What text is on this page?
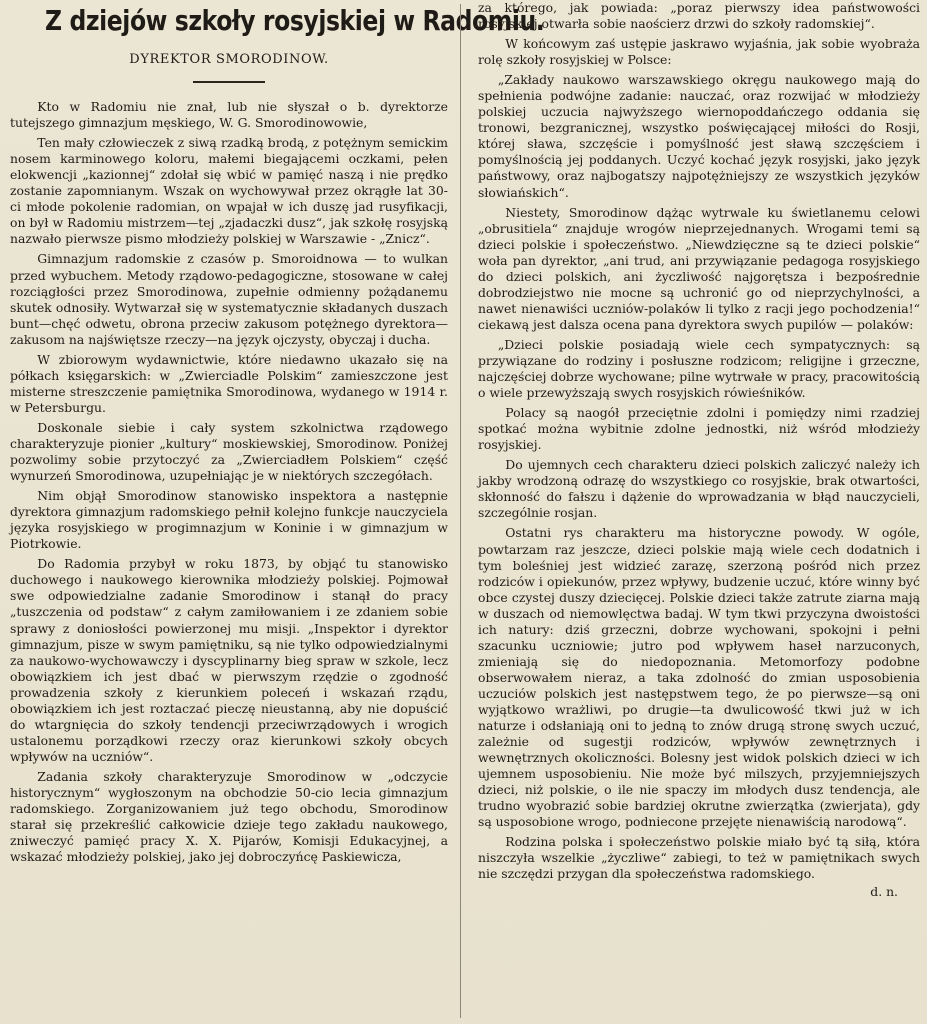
Z dziejów szkoły rosyjskiej w Radomiu.
DYREKTOR SMORODINOW.

Kto w Radomiu nie znał, lub nie słyszał o b. dyrektorze tutejszego gimnazjum męskiego, W. G. Smorodinowowie,

Ten mały człowieczek z siwą rzadką brodą, z potężnym semickim nosem karminowego koloru, małemi biegającemi oczkami, pełen elokwencji „kazionnej“ zdołał się wbić w pamięć naszą i nie prędko zostanie zapomnianym. Wszak on wychowywał przez okrągłe lat 30-ci młode pokolenie radomian, on wpajał w ich duszę jad rusyfikacji, on był w Radomiu mistrzem—tej „zjadaczki dusz“, jak szkołę rosyjską nazwało pierwsze pismo młodzieży polskiej w Warszawie - „Znicz“.

Gimnazjum radomskie z czasów p. Smoroidnowa — to wulkan przed wybuchem. Metody rządowo-pedagogiczne, stosowane w całej rozciągłości przez Smorodinowa, zupełnie odmienny pożądanemu skutek odnosiły. Wytwarzał się w systematycznie składanych duszach bunt—chęć odwetu, obrona przeciw zakusom potężnego dyrektora—zakusom na najświętsze rzeczy—na język ojczysty, obyczaj i ducha.

W zbiorowym wydawnictwie, które niedawno ukazało się na półkach księgarskich: w „Zwierciadle Polskim“ zamieszczone jest misterne streszczenie pamiętnika Smorodinowa, wydanego w 1914 r. w Petersburgu.

Doskonale siebie i cały system szkolnictwa rządowego charakteryzuje pionier „kultury“ moskiewskiej, Smorodinow. Poniżej pozwolimy sobie przytoczyć za „Zwierciadłem Polskiem“ część wynurzeń Smorodinowa, uzupełniając je w niektórych szczegółach.

Nim objął Smorodinow stanowisko inspektora a następnie dyrektora gimnazjum radomskiego pełnił kolejno funkcje nauczyciela języka rosyjskiego w progimnazjum w Koninie i w gimnazjum w Piotrkowie.

Do Radomia przybył w roku 1873, by objąć tu stanowisko duchowego i naukowego kierownika młodzieży polskiej. Pojmował swe odpowiedzialne zadanie Smorodinow i stanął do pracy „tuszczenia od podstaw“ z całym zamiłowaniem i ze zdaniem sobie sprawy z doniosłości powierzonej mu misji. „Inspektor i dyrektor gimnazjum, pisze w swym pamiętniku, są nie tylko odpowiedzialnymi za naukowo-wychowawczy i dyscyplinarny bieg spraw w szkole, lecz obowiązkiem ich jest dbać w pierwszym rzędzie o zgodność prowadzenia szkoły z kierunkiem poleceń i wskazań rządu, obowiązkiem ich jest roztaczać pieczę nieustanną, aby nie dopuścić do wtargnięcia do szkoły tendencji przeciwrządowych i wrogich ustalonemu porządkowi rzeczy oraz kierunkowi szkoły obcych wpływów na uczniów“.

Zadania szkoły charakteryzuje Smorodinow w „odczycie historycznym“ wygłoszonym na obchodzie 50-cio lecia gimnazjum radomskiego. Zorganizowaniem już tego obchodu, Smorodinow starał się przekreślić całkowicie dzieje tego zakładu naukowego, zniweczyć pamięć pracy X. X. Pijarów, Komisji Edukacyjnej, a wskazać młodzieży polskiej, jako jej dobroczyńcę Paskiewicza,

za którego, jak powiada: „poraz pierwszy idea państwowości rosyjskiej otwarła sobie naościerz drzwi do szkoły radomskiej“.

W końcowym zaś ustępie jaskrawo wyjaśnia, jak sobie wyobraża rolę szkoły rosyjskiej w Polsce:

„Zakłady naukowo warszawskiego okręgu naukowego mają do spełnienia podwójne zadanie: nauczać, oraz rozwijać w młodzieży polskiej uczucia najwyższego wiernopoddańczego oddania się tronowi, bezgranicznej, wszystko poświęcającej miłości do Rosji, której sława, szczęście i pomyślność jest sławą szczęściem i pomyślnością jej poddanych. Uczyć kochać język rosyjski, jako język państwowy, oraz najbogatszy najpotężniejszy ze wszystkich języków słowiańskich“.

Niestety, Smorodinow dążąc wytrwale ku świetlanemu celowi „obrusitiela“ znajduje wrogów nieprzejednanych. Wrogami temi są dzieci polskie i społeczeństwo. „Niewdzięczne są te dzieci polskie“ woła pan dyrektor, „ani trud, ani przywiązanie pedagoga rosyjskiego do dzieci polskich, ani życzliwość najgorętsza i bezpośrednie dobrodziejstwo nie mocne są uchronić go od nieprzychylności, a nawet nienawiści uczniów-polaków li tylko z racji jego pochodzenia!“ ciekawą jest dalsza ocena pana dyrektora swych pupilów — polaków:

„Dzieci polskie posiadają wiele cech sympatycznych: są przywiązane do rodziny i posłuszne rodzicom; religijne i grzeczne, najczęściej dobrze wychowane; pilne wytrwałe w pracy, pracowitością o wiele przewyższają swych rosyjskich rówieśników.

Polacy są naogół przeciętnie zdolni i pomiędzy nimi rzadziej spotkać można wybitnie zdolne jednostki, niż wśród młodzieży rosyjskiej.

Do ujemnych cech charakteru dzieci polskich zaliczyć należy ich jakby wrodzoną odrazę do wszystkiego co rosyjskie, brak otwartości, skłonność do fałszu i dążenie do wprowadzania w błąd nauczycieli, szczególnie rosjan.

Ostatni rys charakteru ma historyczne powody. W ogóle, powtarzam raz jeszcze, dzieci polskie mają wiele cech dodatnich i tym boleśniej jest widzieć zarazę, szerzoną pośród nich przez rodziców i opiekunów, przez wpływy, budzenie uczuć, które winny być obce czystej duszy dziecięcej. Polskie dzieci także zatrute ziarna mają w duszach od niemowlęctwa badaj. W tym tkwi przyczyna dwoistości ich natury: dziś grzeczni, dobrze wychowani, spokojni i pełni szacunku uczniowie; jutro pod wpływem haseł narzuconych, zmieniają się do niedopoznania. Metomorfozy podobne obserwowałem nieraz, a taka zdolność do zmian usposobienia uczuciów polskich jest następstwem tego, że po pierwsze—są oni wyjątkowo wrażliwi, po drugie—ta dwulicowość tkwi już w ich naturze i odsłaniają oni to jedną to znów drugą stronę swych uczuć, zależnie od sugestji rodziców, wpływów zewnętrznych i wewnętrznych okoliczności. Bolesny jest widok polskich dzieci w ich ujemnem usposobieniu. Nie może być milszych, przyjemniejszych dzieci, niż polskie, o ile nie spaczy im młodych dusz tendencja, ale trudno wyobrazić sobie bardziej okrutne zwierzątka (zwierjata), gdy są usposobione wrogo, podniecone przejęte nienawiścią narodową“.

Rodzina polska i społeczeństwo polskie miało być tą siłą, która niszczyła wszelkie „życzliwe“ zabiegi, to też w pamiętnikach swych nie szczędzi przygan dla społeczeństwa radomskiego.

d. n.
